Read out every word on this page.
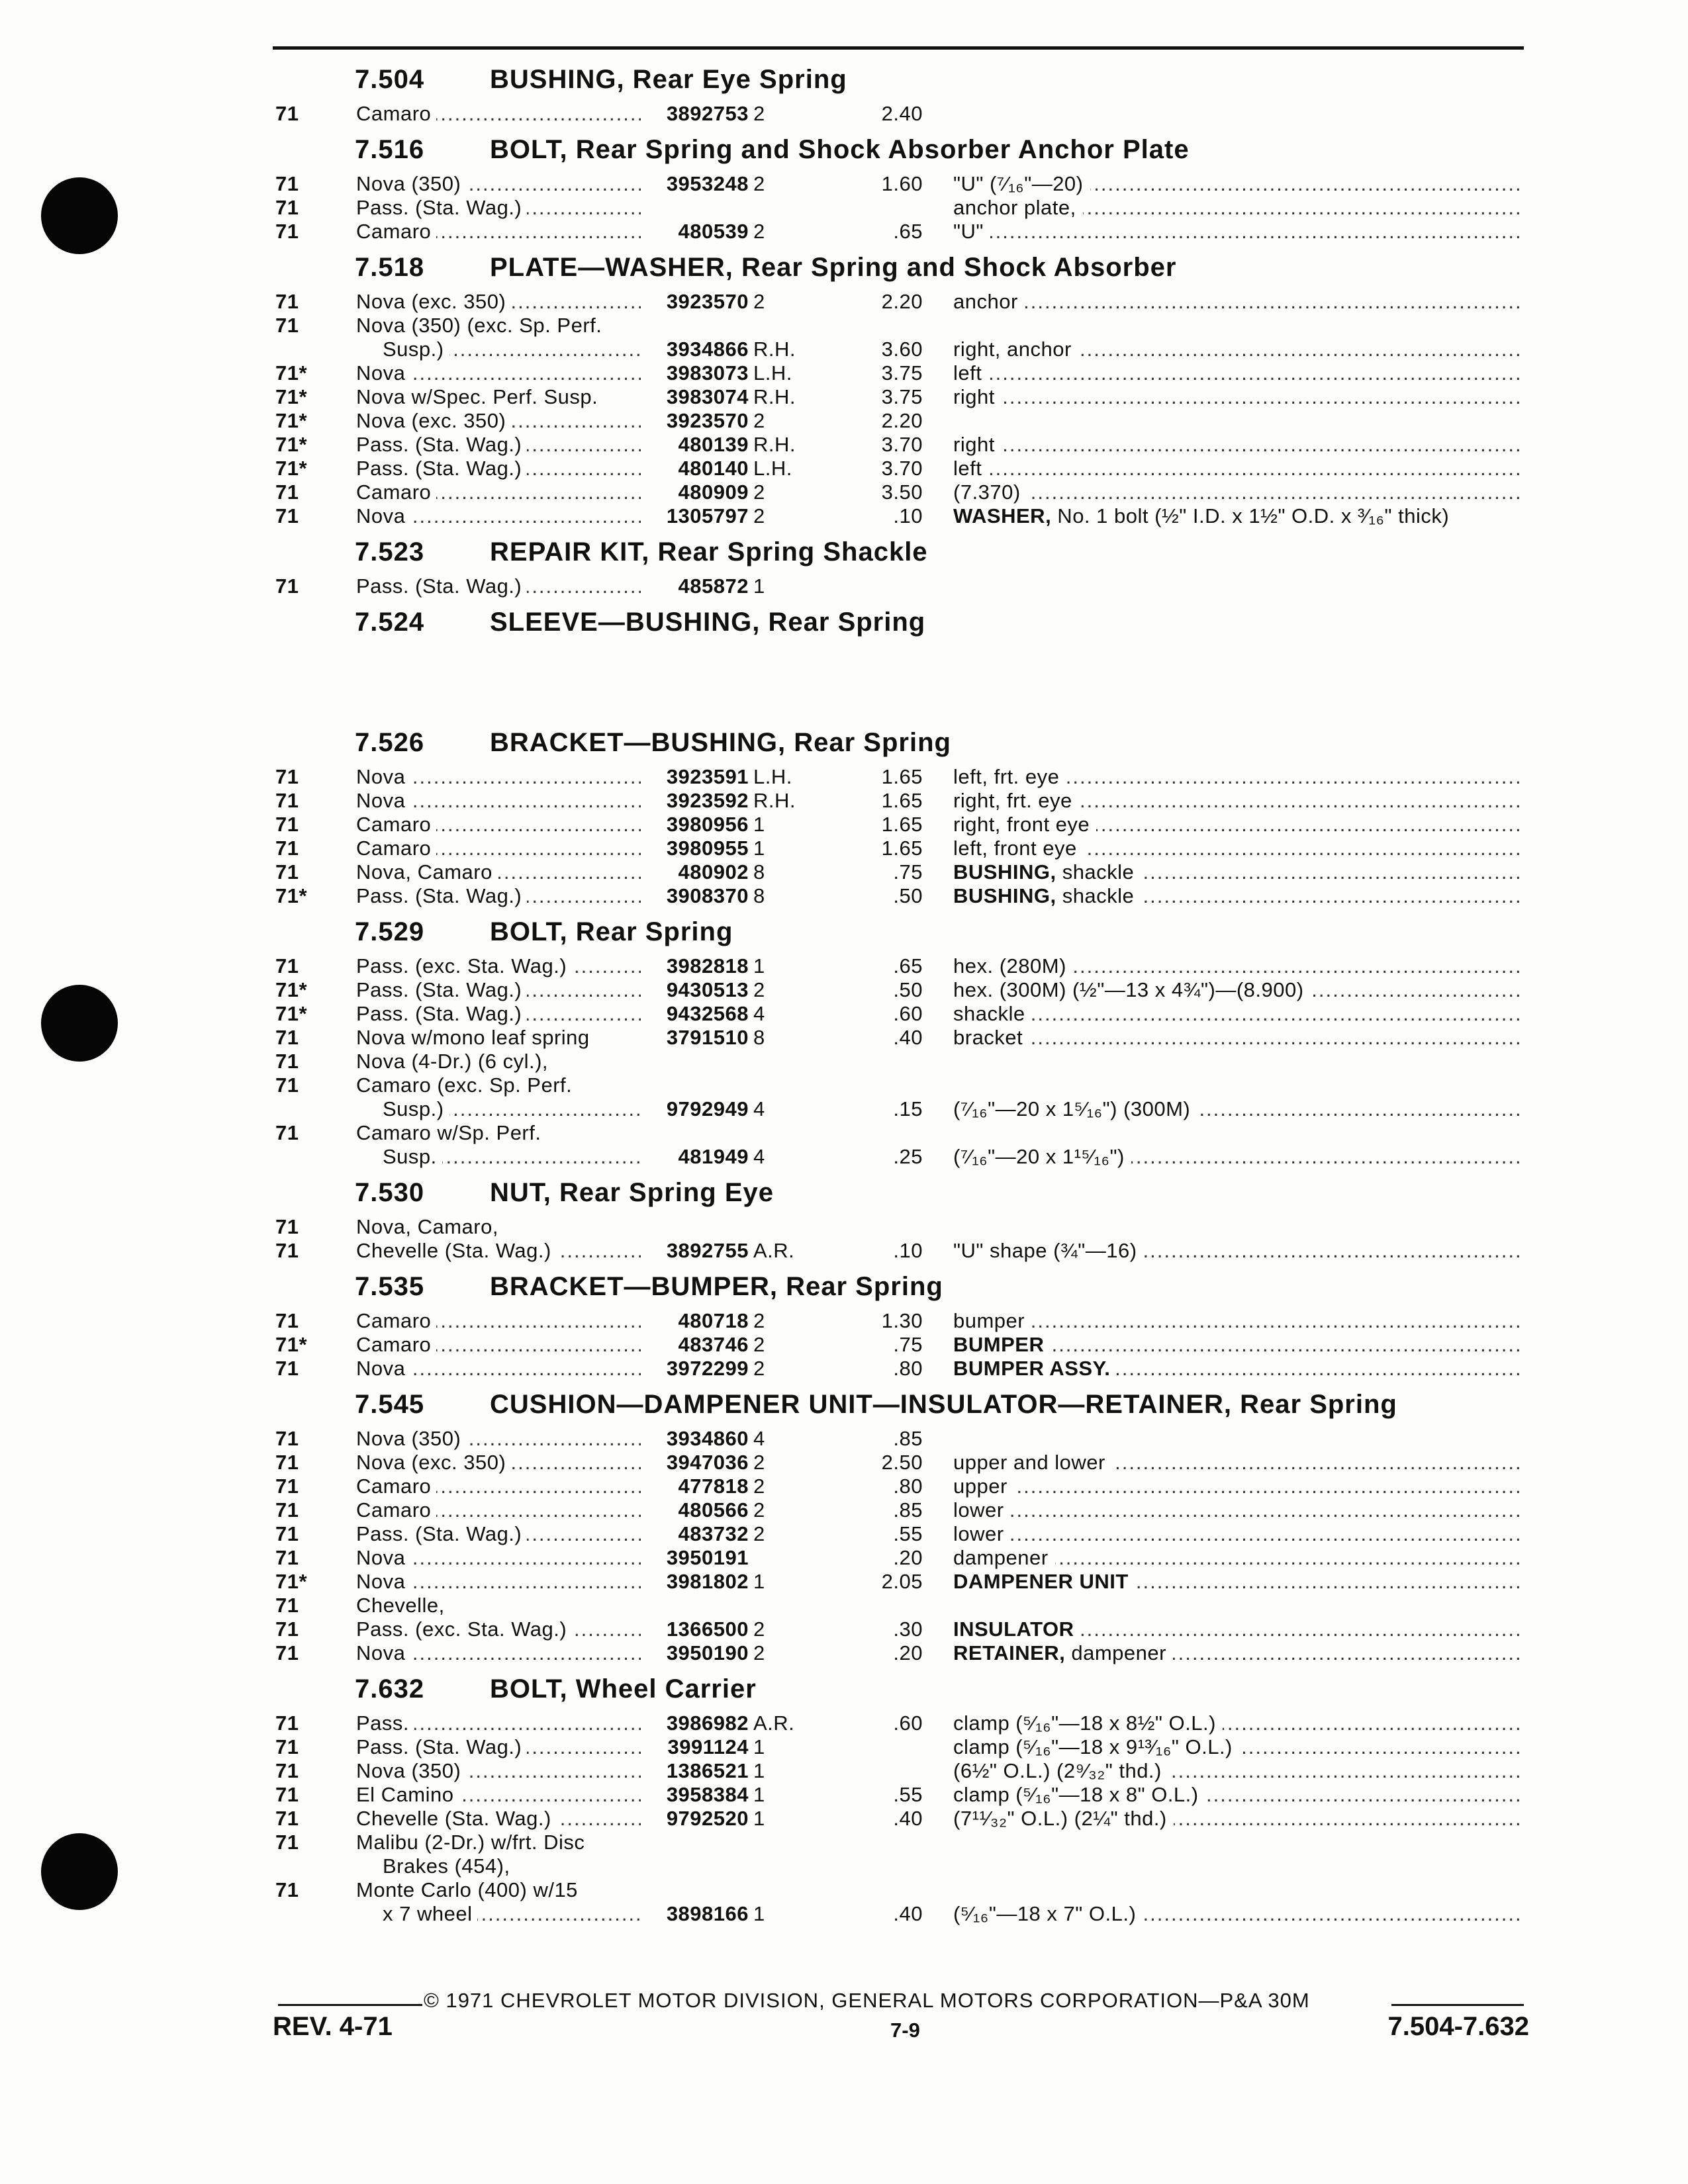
7.504 BUSHING, Rear Eye Spring
71	Camaro .....	3892753 2	2.40
7.516 BOLT, Rear Spring and Shock Absorber Anchor Plate
71	Nova (350) .....	3953248 2	1.60 "U" (⁷⁄₁₆"—20) .....
71	Pass. (Sta. Wag.) .....	anchor plate, .....
71	Camaro .....	480539 2	.65 "U" .....
7.518 PLATE—WASHER, Rear Spring and Shock Absorber
71	Nova (exc. 350) .....	3923570 2	2.20 anchor .....
71	Nova (350) (exc. Sp. Perf.
Susp.) .....	3934866 R.H.	3.60 right, anchor .....
71* Nova .....	3983073 L.H.	3.75 left .....
71* Nova w/Spec. Perf. Susp.	3983074 R.H.	3.75 right .....
71* Nova (exc. 350) .....	3923570 2	2.20
71* Pass. (Sta. Wag.) .....	480139 R.H.	3.70 right .....
71* Pass. (Sta. Wag.) .....	480140 L.H.	3.70 left .....
71	Camaro .....	480909 2	3.50 (7.370) .....
71	Nova .....	1305797 2	.10 WASHER, No. 1 bolt (½" I.D. x 1½" O.D. x ³⁄₁₆" thick)
7.523 REPAIR KIT, Rear Spring Shackle
71	Pass. (Sta. Wag.) .....	485872 1
7.524 SLEEVE—BUSHING, Rear Spring
7.526 BRACKET—BUSHING, Rear Spring
71	Nova .....	3923591 L.H.	1.65 left, frt. eye .....
71	Nova .....	3923592 R.H.	1.65 right, frt. eye .....
71	Camaro .....	3980956 1	1.65 right, front eye .....
71	Camaro .....	3980955 1	1.65 left, front eye .....
71	Nova, Camaro .....	480902 8	.75 BUSHING, shackle .....
71* Pass. (Sta. Wag.) .....	3908370 8	.50 BUSHING, shackle .....
7.529 BOLT, Rear Spring
71	Pass. (exc. Sta. Wag.) .....	3982818 1	.65 hex. (280M) .....
71* Pass. (Sta. Wag.) .....	9430513 2	.50 hex. (300M) (½"—13 x 4¾")—(8.900) .....
71* Pass. (Sta. Wag.) .....	9432568 4	.60 shackle .....
71	Nova w/mono leaf spring	3791510 8	.40 bracket .....
71	Nova (4-Dr.) (6 cyl.),
71	Camaro (exc. Sp. Perf.
Susp.) .....	9792949 4	.15 (⁷⁄₁₆"—20 x 1⁵⁄₁₆") (300M) .....
71	Camaro w/Sp. Perf.
Susp. .....	481949 4	.25 (⁷⁄₁₆"—20 x 1¹⁵⁄₁₆") .....
7.530 NUT, Rear Spring Eye
71	Nova, Camaro,
71	Chevelle (Sta. Wag.) .....	3892755 A.R.	.10 "U" shape (¾"—16) .....
7.535 BRACKET—BUMPER, Rear Spring
71	Camaro .....	480718 2	1.30 bumper .....
71* Camaro .....	483746 2	.75 BUMPER .....
71	Nova .....	3972299 2	.80 BUMPER ASSY. .....
7.545 CUSHION—DAMPENER UNIT—INSULATOR—RETAINER, Rear Spring
71	Nova (350) .....	3934860 4	.85
71	Nova (exc. 350) .....	3947036 2	2.50 upper and lower .....
71	Camaro .....	477818 2	.80 upper .....
71	Camaro .....	480566 2	.85 lower .....
71	Pass. (Sta. Wag.) .....	483732 2	.55 lower .....
71	Nova .....	3950191	.20 dampener .....
71* Nova .....	3981802 1	2.05 DAMPENER UNIT .....
71	Chevelle,
71	Pass. (exc. Sta. Wag.) .....	1366500 2	.30 INSULATOR .....
71	Nova .....	3950190 2	.20 RETAINER, dampener .....
7.632 BOLT, Wheel Carrier
71	Pass. .....	3986982 A.R.	.60 clamp (⁵⁄₁₆"—18 x 8½" O.L.) .....
71	Pass. (Sta. Wag.) .....	3991124 1	clamp (⁵⁄₁₆"—18 x 9¹³⁄₁₆" O.L.) .....
71	Nova (350) .....	1386521 1	(6½" O.L.) (2⁹⁄₃₂" thd.) .....
71	El Camino .....	3958384 1	.55 clamp (⁵⁄₁₆"—18 x 8" O.L.) .....
71	Chevelle (Sta. Wag.) .....	9792520 1	.40 (7¹¹⁄₃₂" O.L.) (2¼" thd.) .....
71	Malibu (2-Dr.) w/frt. Disc
Brakes (454),
71	Monte Carlo (400) w/15
x 7 wheel .....	3898166 1	.40 (⁵⁄₁₆"—18 x 7" O.L.) .....
© 1971 CHEVROLET MOTOR DIVISION, GENERAL MOTORS CORPORATION—P&A 30M
REV. 4-71	7-9	7.504-7.632
